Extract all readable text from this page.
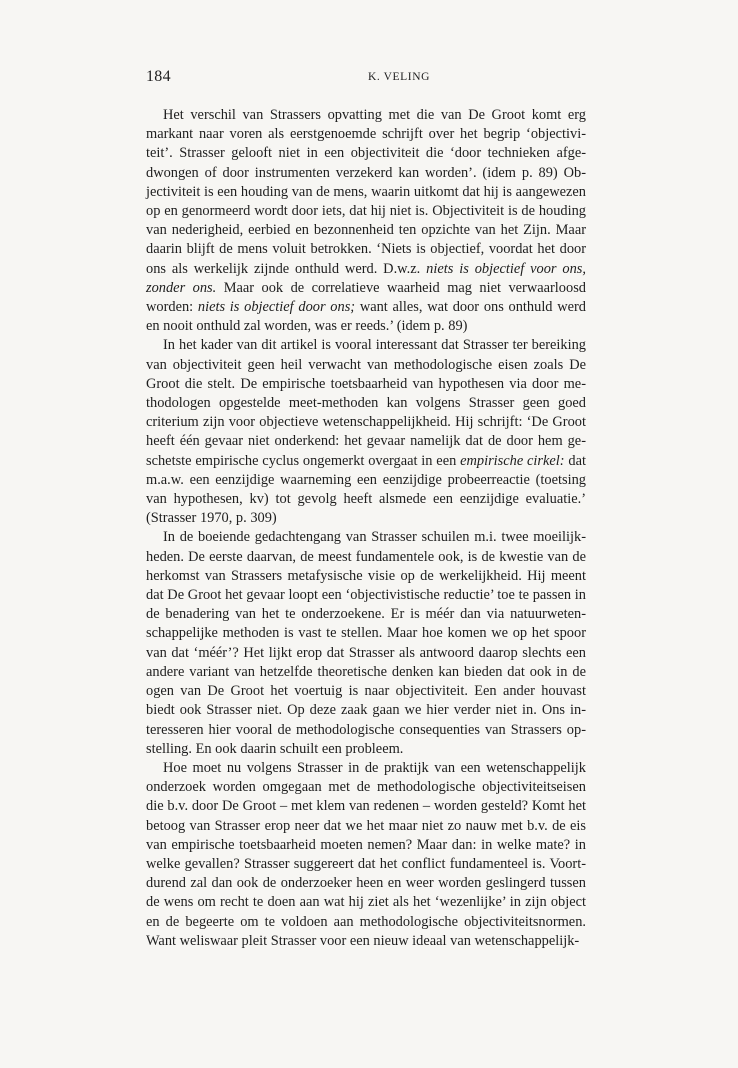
184	K. VELING

Het verschil van Strassers opvatting met die van De Groot komt erg markant naar voren als eerstgenoemde schrijft over het begrip ‘objectiviteit’. Strasser gelooft niet in een objectiviteit die ‘door technieken afgedwongen of door instrumenten verzekerd kan worden’. (idem p. 89) Objectiviteit is een houding van de mens, waarin uitkomt dat hij is aangewezen op en genormeerd wordt door iets, dat hij niet is. Objectiviteit is de houding van nederigheid, eerbied en bezonnenheid ten opzichte van het Zijn. Maar daarin blijft de mens voluit betrokken. ‘Niets is objectief, voordat het door ons als werkelijk zijnde onthuld werd. D.w.z. niets is objectief voor ons, zonder ons. Maar ook de correlatieve waarheid mag niet verwaarloosd worden: niets is objectief door ons; want alles, wat door ons onthuld werd en nooit onthuld zal worden, was er reeds.’ (idem p. 89)

In het kader van dit artikel is vooral interessant dat Strasser ter bereiking van objectiviteit geen heil verwacht van methodologische eisen zoals De Groot die stelt. De empirische toetsbaarheid van hypothesen via door methodologen opgestelde meet-methoden kan volgens Strasser geen goed criterium zijn voor objectieve wetenschappelijkheid. Hij schrijft: ‘De Groot heeft één gevaar niet onderkend: het gevaar namelijk dat de door hem geschetste empirische cyclus ongemerkt overgaat in een empirische cirkel: dat m.a.w. een eenzijdige waarneming een eenzijdige probeerreactie (toetsing van hypothesen, kv) tot gevolg heeft alsmede een eenzijdige evaluatie.’ (Strasser 1970, p. 309)

In de boeiende gedachtengang van Strasser schuilen m.i. twee moeilijkheden. De eerste daarvan, de meest fundamentele ook, is de kwestie van de herkomst van Strassers metafysische visie op de werkelijkheid. Hij meent dat De Groot het gevaar loopt een ‘objectivistische reductie’ toe te passen in de benadering van het te onderzoekene. Er is méér dan via natuurwetenschappelijke methoden is vast te stellen. Maar hoe komen we op het spoor van dat ‘méér’? Het lijkt erop dat Strasser als antwoord daarop slechts een andere variant van hetzelfde theoretische denken kan bieden dat ook in de ogen van De Groot het voertuig is naar objectiviteit. Een ander houvast biedt ook Strasser niet. Op deze zaak gaan we hier verder niet in. Ons interesseren hier vooral de methodologische consequenties van Strassers opstelling. En ook daarin schuilt een probleem.

Hoe moet nu volgens Strasser in de praktijk van een wetenschappelijk onderzoek worden omgegaan met de methodologische objectiviteitseisen die b.v. door De Groot – met klem van redenen – worden gesteld? Komt het betoog van Strasser erop neer dat we het maar niet zo nauw met b.v. de eis van empirische toetsbaarheid moeten nemen? Maar dan: in welke mate? in welke gevallen? Strasser suggereert dat het conflict fundamenteel is. Voortdurend zal dan ook de onderzoeker heen en weer worden geslingerd tussen de wens om recht te doen aan wat hij ziet als het ‘wezenlijke’ in zijn object en de begeerte om te voldoen aan methodologische objectiviteitsnormen. Want weliswaar pleit Strasser voor een nieuw ideaal van wetenschappelijk-
